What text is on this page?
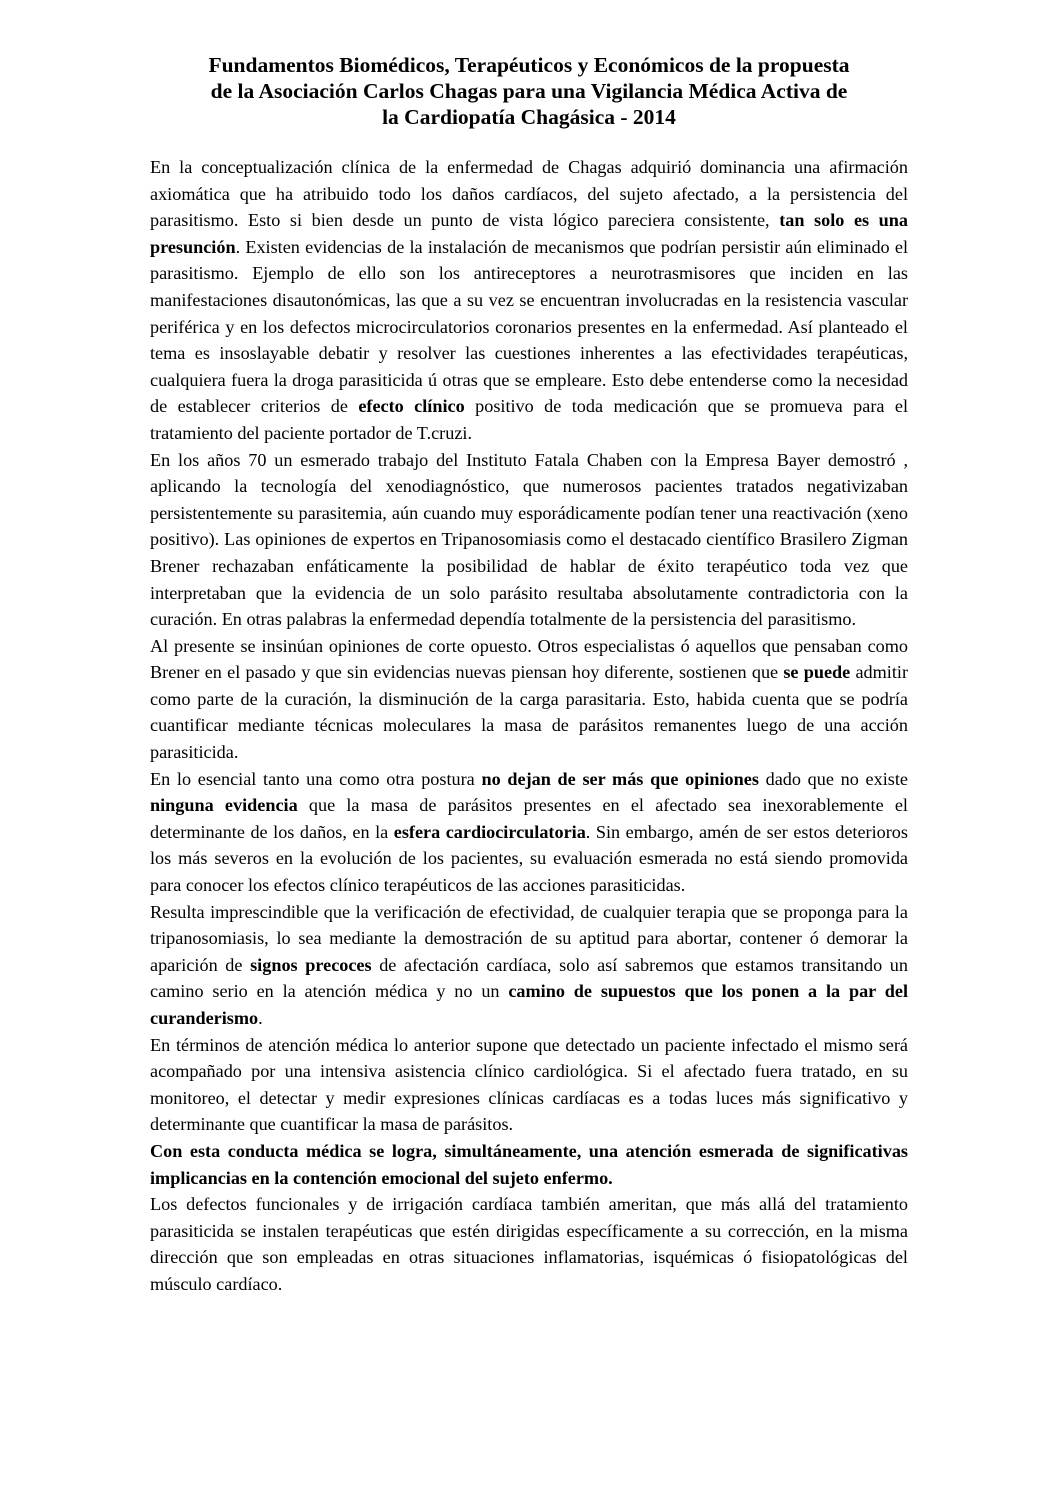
Fundamentos Biomédicos, Terapéuticos y Económicos de la propuesta
de la Asociación Carlos Chagas para una Vigilancia Médica Activa de
la Cardiopatía Chagásica - 2014

En la conceptualización clínica de la enfermedad de Chagas adquirió dominancia una afirmación axiomática que ha atribuido todo los daños cardíacos, del sujeto afectado, a la persistencia del parasitismo. Esto si bien desde un punto de vista lógico pareciera consistente, tan solo es una presunción. Existen evidencias de la instalación de mecanismos que podrían persistir aún eliminado el parasitismo. Ejemplo de ello son los antireceptores a neurotrasmisores que inciden en las manifestaciones disautonómicas, las que a su vez se encuentran involucradas en la resistencia vascular periférica y en los defectos microcirculatorios coronarios presentes en la enfermedad. Así planteado el tema es insoslayable debatir y resolver las cuestiones inherentes a las efectividades terapéuticas, cualquiera fuera la droga parasiticida ú otras que se empleare. Esto debe entenderse como la necesidad de establecer criterios de efecto clínico positivo de toda medicación que se promueva para el tratamiento del paciente portador de T.cruzi.

En los años 70 un esmerado trabajo del Instituto Fatala Chaben con la Empresa Bayer demostró , aplicando la tecnología del xenodiagnóstico, que numerosos pacientes tratados negativizaban persistentemente su parasitemia, aún cuando muy esporádicamente podían tener una reactivación (xeno positivo). Las opiniones de expertos en Tripanosomiasis como el destacado científico Brasilero Zigman Brener rechazaban enfáticamente la posibilidad de hablar de éxito terapéutico toda vez que interpretaban que la evidencia de un solo parásito resultaba absolutamente contradictoria con la curación. En otras palabras la enfermedad dependía totalmente de la persistencia del parasitismo.

Al presente se insinúan opiniones de corte opuesto. Otros especialistas ó aquellos que pensaban como Brener en el pasado y que sin evidencias nuevas piensan hoy diferente, sostienen que se puede admitir como parte de la curación, la disminución de la carga parasitaria. Esto, habida cuenta que se podría cuantificar mediante técnicas moleculares la masa de parásitos remanentes luego de una acción parasiticida.

En lo esencial tanto una como otra postura no dejan de ser más que opiniones dado que no existe ninguna evidencia que la masa de parásitos presentes en el afectado sea inexorablemente el determinante de los daños, en la esfera cardiocirculatoria. Sin embargo, amén de ser estos deterioros los más severos en la evolución de los pacientes, su evaluación esmerada no está siendo promovida para conocer los efectos clínico terapéuticos de las acciones parasiticidas.

Resulta imprescindible que la verificación de efectividad, de cualquier terapia que se proponga para la tripanosomiasis, lo sea mediante la demostración de su aptitud para abortar, contener ó demorar la aparición de signos precoces de afectación cardíaca, solo así sabremos que estamos transitando un camino serio en la atención médica y no un camino de supuestos que los ponen a la par del curanderismo.

En términos de atención médica lo anterior supone que detectado un paciente infectado el mismo será acompañado por una intensiva asistencia clínico cardiológica. Si el afectado fuera tratado, en su monitoreo, el detectar y medir expresiones clínicas cardíacas es a todas luces más significativo y determinante que cuantificar la masa de parásitos.

Con esta conducta médica se logra, simultáneamente, una atención esmerada de significativas implicancias en la contención emocional del sujeto enfermo.

Los defectos funcionales y de irrigación cardíaca también ameritan, que más allá del tratamiento parasiticida se instalen terapéuticas que estén dirigidas específicamente a su corrección, en la misma dirección que son empleadas en otras situaciones inflamatorias, isquémicas ó fisiopatológicas del músculo cardíaco.
